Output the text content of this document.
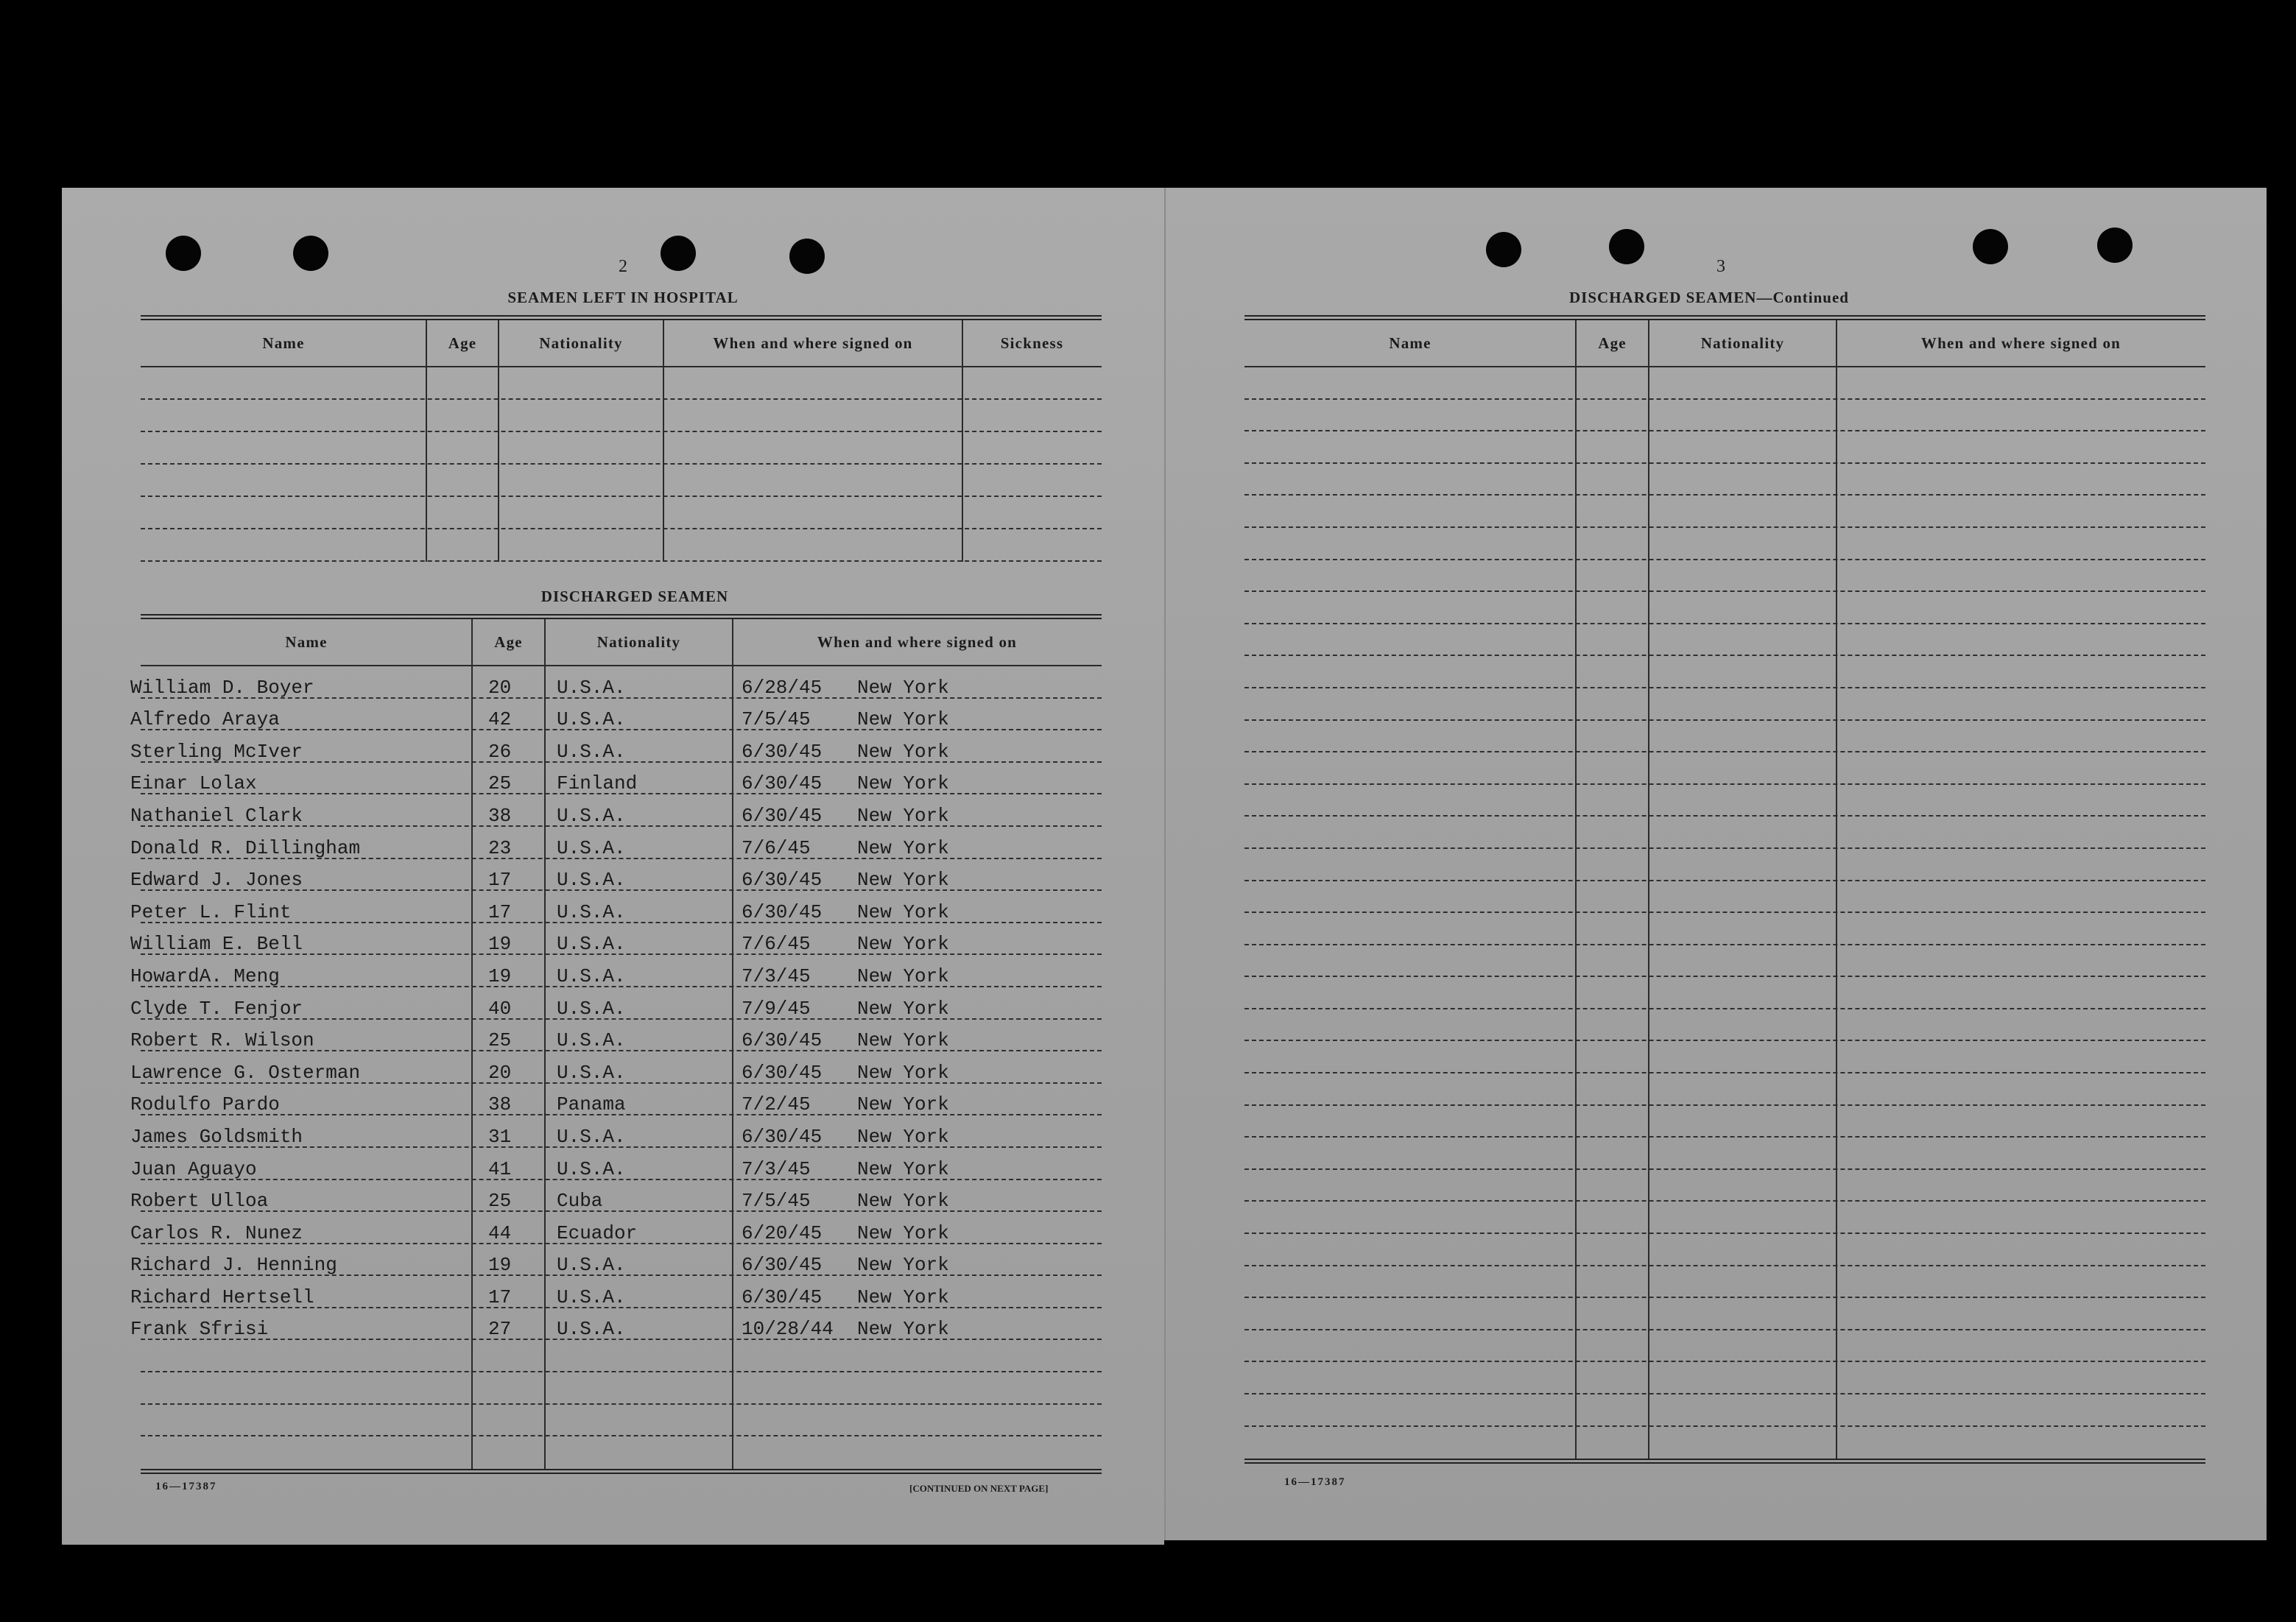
2
SEAMEN LEFT IN HOSPITAL
Name	Age	Nationality	When and where signed on	Sickness
DISCHARGED SEAMEN
Name	Age	Nationality	When and where signed on
William D. Boyer	20 U.S.A.	6/28/45	New York
Alfredo Araya	42 U.S.A.	7/5/45	New York
Sterling McIver	26 U.S.A.	6/30/45	New York
Einar Lolax	25 Finland	6/30/45	New York
Nathaniel Clark	38 U.S.A.	6/30/45	New York
Donald R. Dillingham	23 U.S.A.	7/6/45	New York
Edward J. Jones	17 U.S.A.	6/30/45	New York
Peter L. Flint	17 U.S.A.	6/30/45	New York
William E. Bell	19 U.S.A.	7/6/45	New York
HowardA. Meng	19 U.S.A.	7/3/45	New York
Clyde T. Fenjor	40 U.S.A.	7/9/45	New York
Robert R. Wilson	25 U.S.A.	6/30/45	New York
Lawrence G. Osterman	20 U.S.A.	6/30/45	New York
Rodulfo Pardo	38 Panama	7/2/45	New York
James Goldsmith	31 U.S.A.	6/30/45	New York
Juan Aguayo	41 U.S.A.	7/3/45	New York
Robert Ulloa	25 Cuba	7/5/45	New York
Carlos R. Nunez	44 Ecuador	6/20/45	New York
Richard J. Henning	19 U.S.A.	6/30/45	New York
Richard Hertsell	17 U.S.A.	6/30/45	New York
Frank Sfrisi	27 U.S.A.	10/28/44	New York
16—17387	[CONTINUED ON NEXT PAGE]
3
DISCHARGED SEAMEN—Continued
Name	Age	Nationality	When and where signed on
16—17387
